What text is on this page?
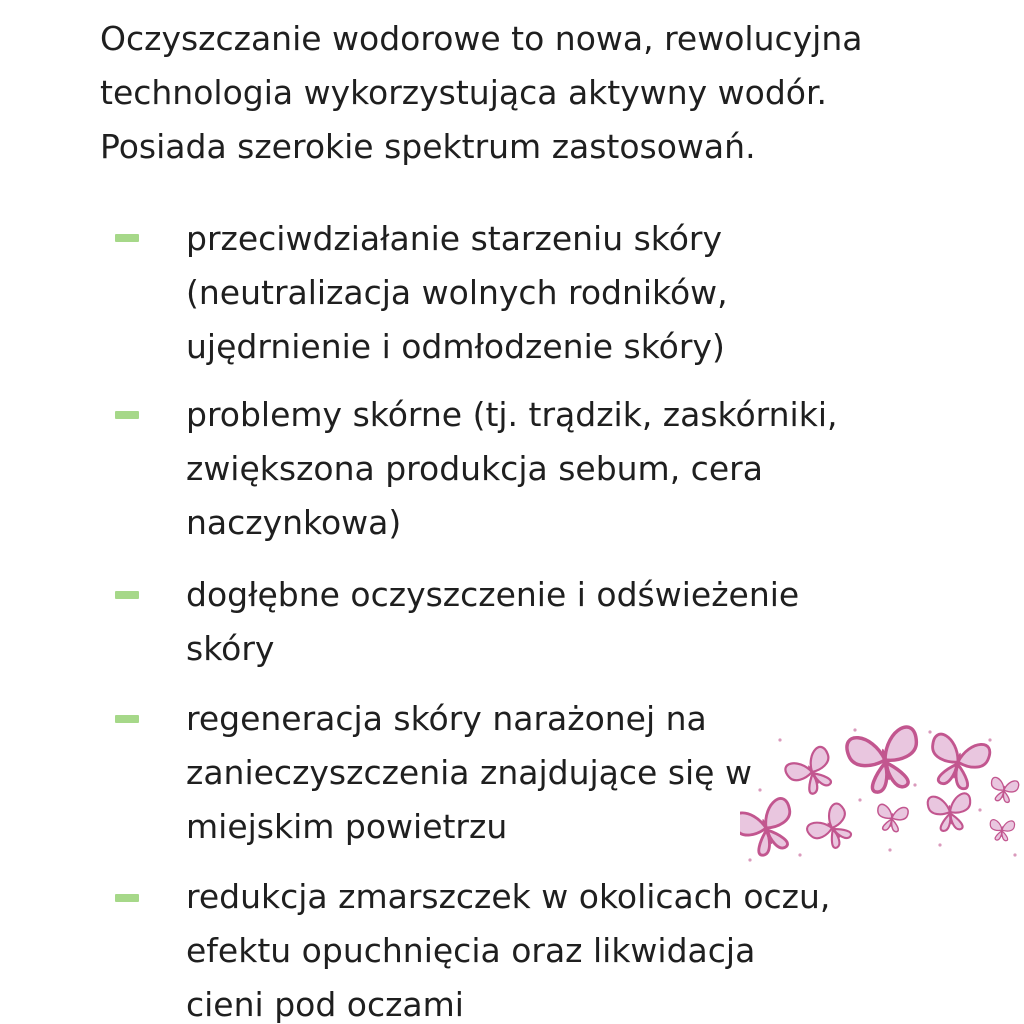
Oczyszczanie wodorowe to nowa, rewolucyjna
technologia wykorzystująca aktywny wodór.
Posiada szerokie spektrum zastosowań.

przeciwdziałanie starzeniu skóry
(neutralizacja wolnych rodników,
ujędrnienie i odmłodzenie skóry)
problemy skórne (tj. trądzik, zaskórniki,
zwiększona produkcja sebum, cera
naczynkowa)
dogłębne oczyszczenie i odświeżenie
skóry
regeneracja skóry narażonej na
zanieczyszczenia znajdujące się w
miejskim powietrzu
redukcja zmarszczek w okolicach oczu,
efektu opuchnięcia oraz likwidacja
cieni pod oczami
